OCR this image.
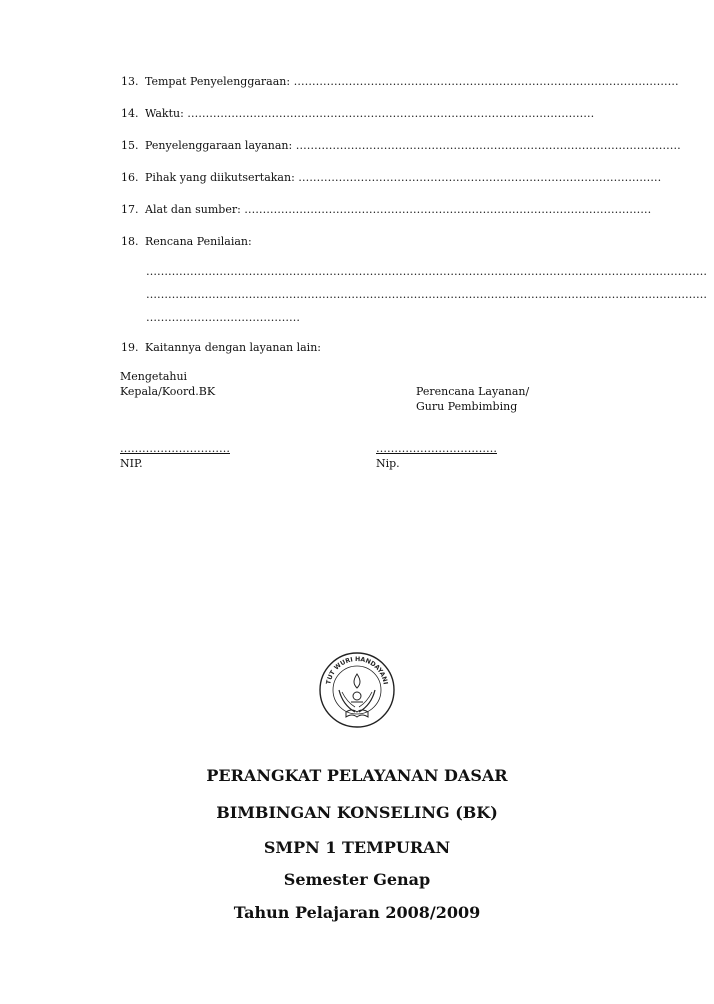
13. Tempat Penyelenggaraan: ……………………………………………………………………………………………
14. Waktu: …………………………………………………………………………………………………
15. Penyelenggaraan layanan: ……………………………………………………………………………………………
16. Pihak yang diikutsertakan: ………………………………………………………………………………………
17. Alat dan sumber: …………………………………………………………………………………………………
18. Rencana Penilaian:
………………………………………………………………………………………………………………………………………
………………………………………………………………………………………………………………………………………
……………………………………
19. Kaitannya dengan layanan lain:
Mengetahui
Kepala/Koord.BK	Perencana Layanan/
Guru Pembimbing
…………………………
NIP.
……………………………
Nip.
TUT WURI HANDAYANI
PERANGKAT PELAYANAN DASAR
BIMBINGAN KONSELING (BK)
SMPN 1 TEMPURAN
Semester Genap
Tahun Pelajaran 2008/2009
